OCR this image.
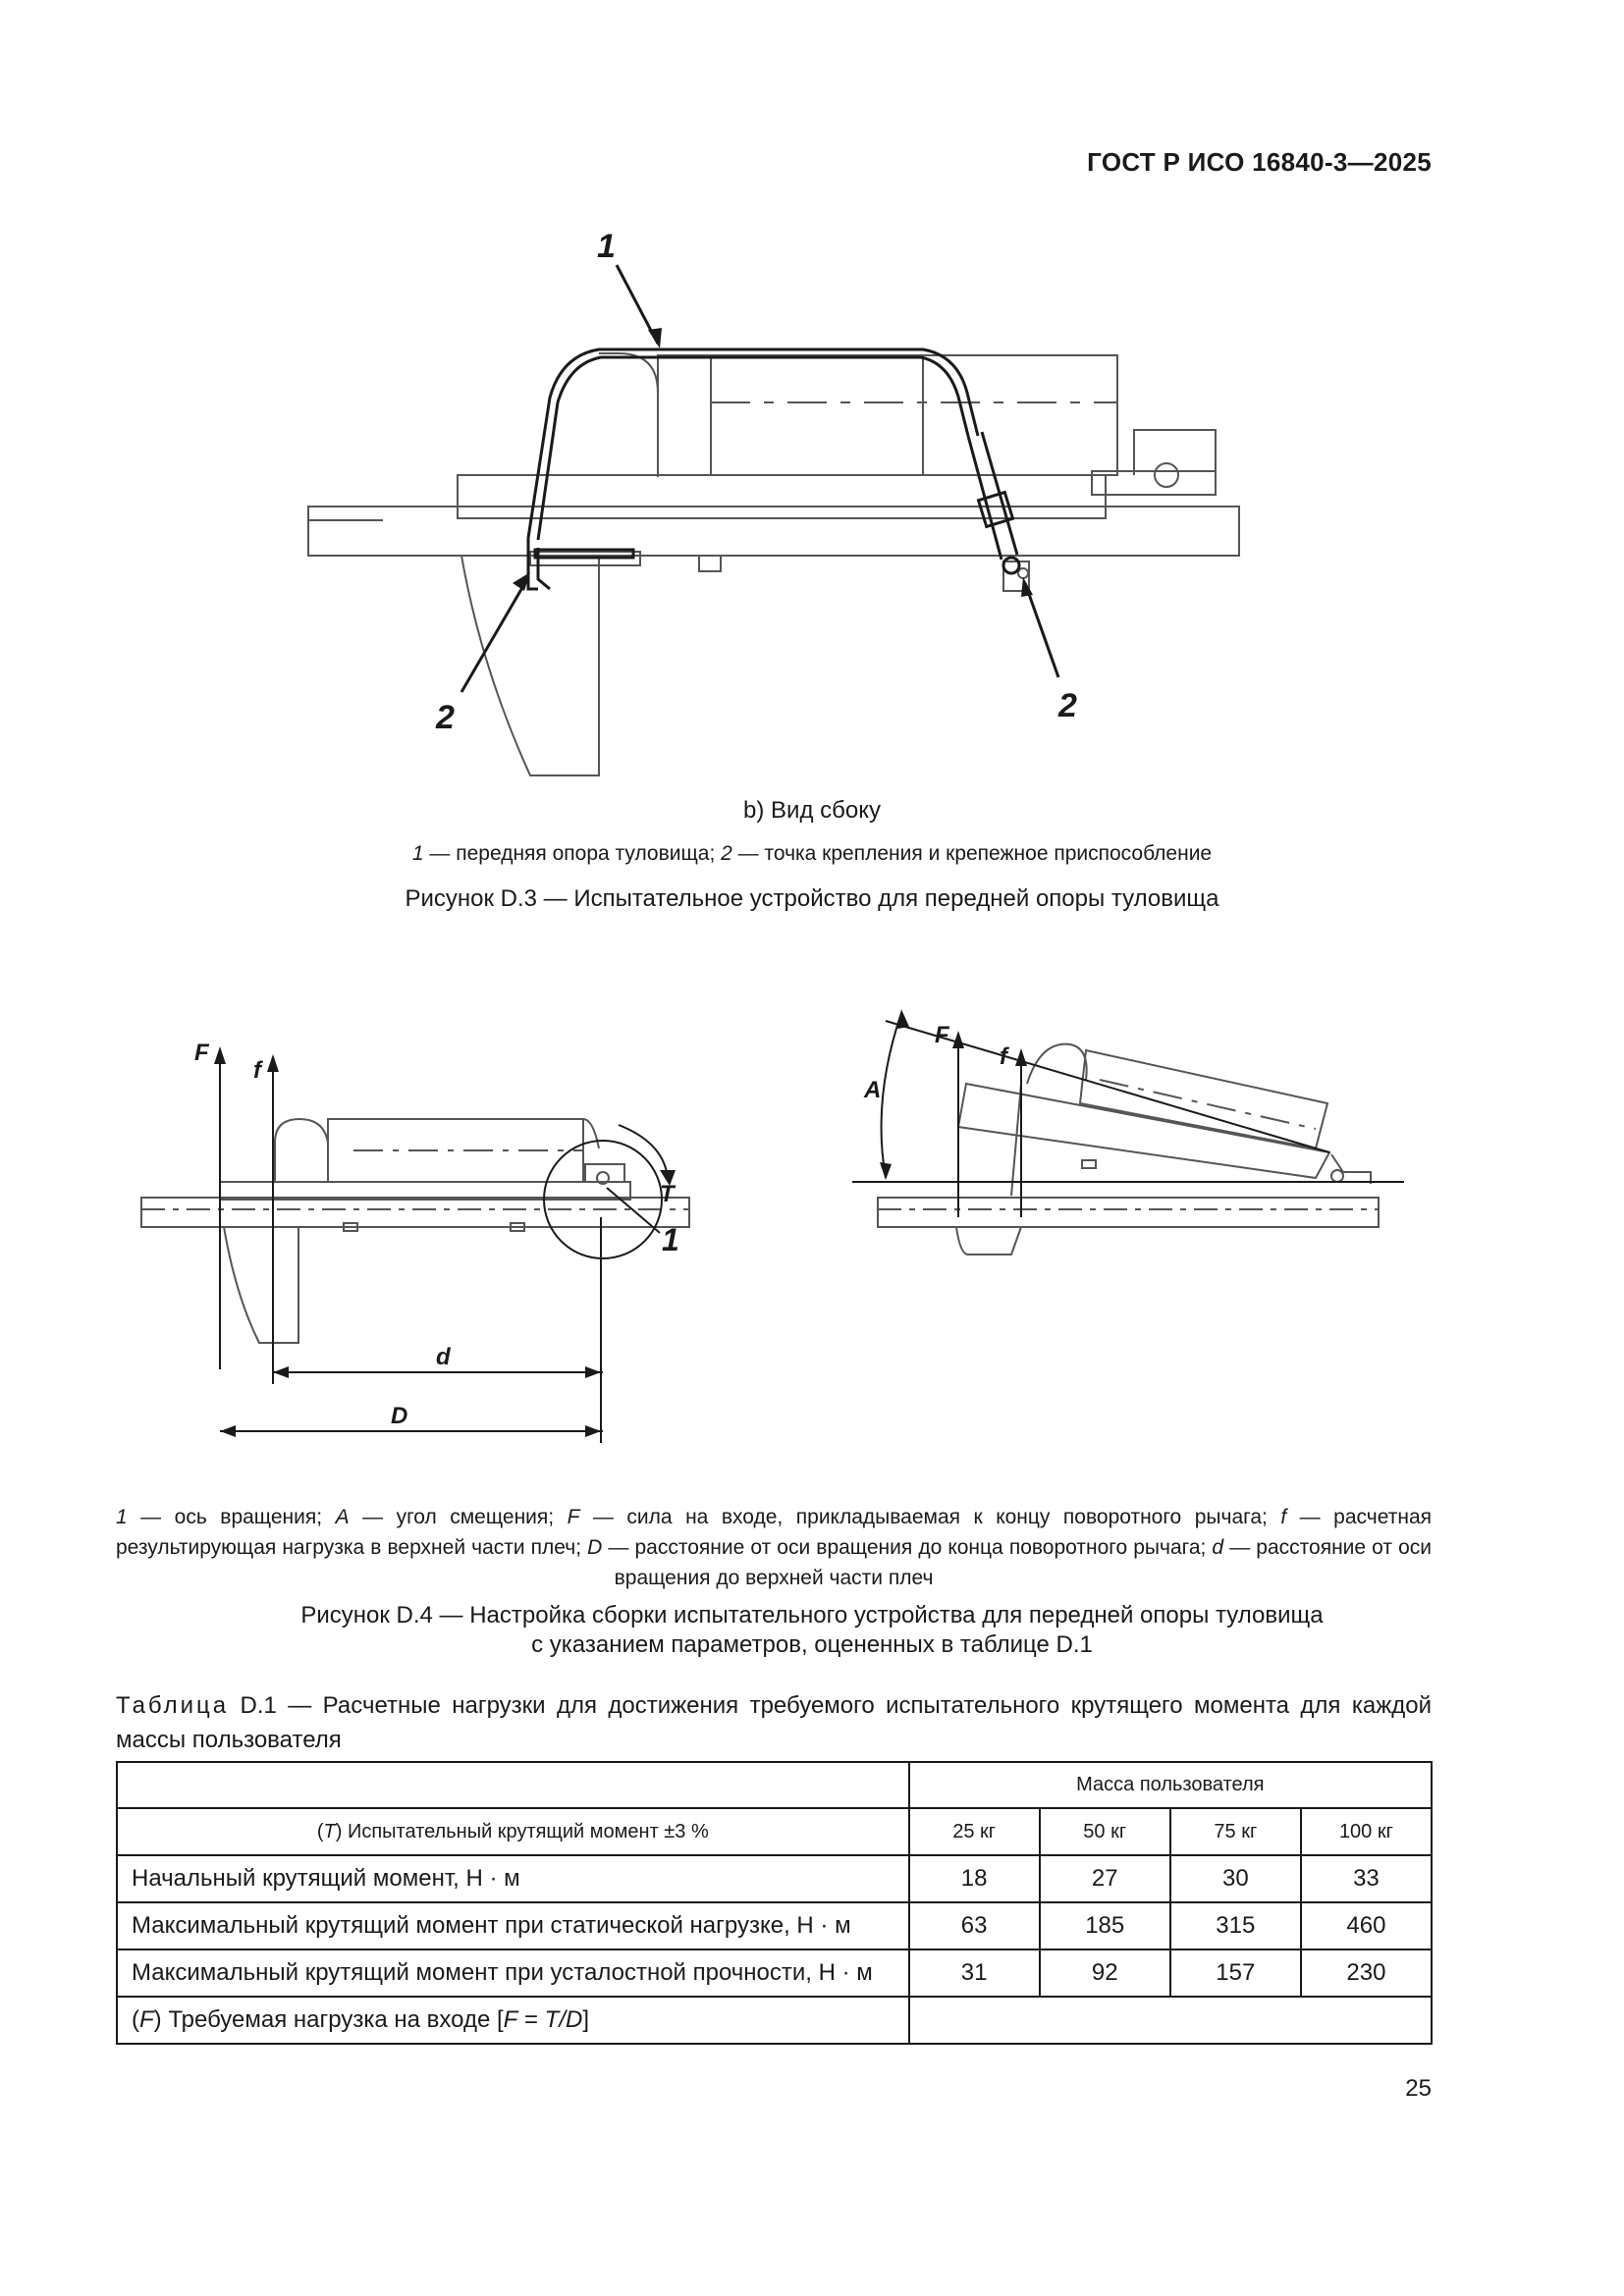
ГОСТ Р ИСО 16840-3—2025
1
2	2
b) Вид сбоку
1 — передняя опора туловища; 2 — точка крепления и крепежное приспособление
Рисунок D.3 — Испытательное устройство для передней опоры туловища
F
f
T
1
d
D
A
F
f
1 — ось вращения; A — угол смещения; F — сила на входе, прикладываемая к концу поворотного рычага; f — расчетная результирующая нагрузка в верхней части плеч; D — расстояние от оси вращения до конца поворотного рычага; d — расстояние от оси вращения до верхней части плеч
Рисунок D.4 — Настройка сборки испытательного устройства для передней опоры туловища
с указанием параметров, оцененных в таблице D.1
Таблица D.1 — Расчетные нагрузки для достижения требуемого испытательного крутящего момента для каждой массы пользователя
	Масса пользователя			
(T) Испытательный крутящий момент ±3 %	25 кг	50 кг	75 кг	100 кг
Начальный крутящий момент, Н · м	18	27	30	33
Максимальный крутящий момент при статической нагрузке, Н · м	63	185	315	460
Максимальный крутящий момент при усталостной прочности, Н · м	31	92	157	230
(F) Требуемая нагрузка на входе [F = T/D]				
25
